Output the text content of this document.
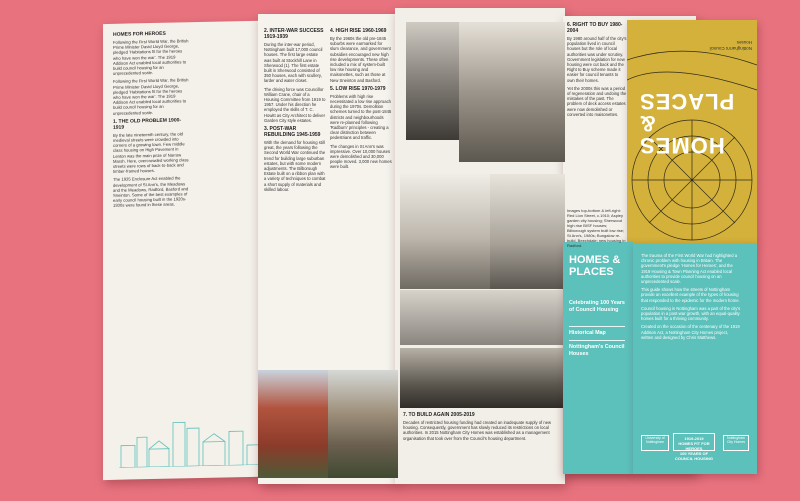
HOMES FOR HEROES

Following the First World War, the British Prime Minister David Lloyd George, pledged 'Habitations fit for the heroes who have won the war'. The 1919 Addison Act enabled local authorities to build council housing for an unprecedented scale.

Following the First World War, the British Prime Minister David Lloyd George, pledged 'Habitations fit for the heroes who have won the war'. The 1919 Addison Act enabled local authorities to build council housing for an unprecedented scale.

1. THE OLD PROBLEM 1900-1919

By the late nineteenth century, the old medieval streets were crowded into corners of a growing town. Few middle class housing on High Pavement in Lenton was the main prize of Narrow Marsh. Here, overcrowded working class streets were rows of back-to-back and timber-framed houses.

The 1935 Enclosure Act enabled the development of St Ann's, the Meadows and the Meadows, Radford, Basford and Sneinton. Some of the best examples of early council housing built in the 1920s-1930s were found in these areas.

2. INTER-WAR SUCCESS 1919-1939

During the inter-war period, Nottingham built 17,000 council houses. The first large estate was built at Stockhill Lane in Sherwood (1). The first estate built in Sherwood consisted of 350 houses, each with scullery, larder and water closet.

The driving force was Councillor William Crane, chair of a Housing Committee from 1919 to 1957. Under his direction he employed the skills of T. C. Howitt as City Architect to deliver Garden City style estates.

3. POST-WAR REBUILDING 1945-1959

With the demand for housing still great, the years following the Second World War continued the trend for building large suburban estates, but with some modern adjustments. The Bilborough Estate built on a ribbon plan with a variety of techniques to combat a short supply of materials and skilled labour.

4. HIGH RISE 1960-1969

By the 1960s the old pre-1845 suburbs were earmarked for slum clearance, and government subsidies encouraged new high rise developments. These often included a mix of system-built low rise housing and maisonettes, such as those at New Sneinton and Basford.

5. LOW RISE 1970-1979

Problems with high rise necessitated a low rise approach during the 1970s. Demolition schemes turned to the post-1845 districts and neighbourhoods were re-planned following 'Radburn' principles - creating a clear distinction between pedestrians and traffic.

The changes in St Ann's was impressive. Over 10,000 houses were demolished and 30,000 people moved. 3,000 new homes were built.

6. RIGHT TO BUY 1980-2004

By 1980 around half of the city's population lived in council houses but the role of local authorities was under scrutiny. Government legislation for new housing were cut back and the Right to Buy scheme made it easier for council tenants to own their homes.

Yet the 2000s this was a period of regeneration and undoing the mistakes of the past. The problem of deck access estates were now demolished or converted into maisonettes.

7. TO BUILD AGAIN 2005-2019

Decades of restricted housing funding had created an inadequate supply of new housing. Consequently, government has slowly reduced its restrictions on local authorities. In 2015 Nottingham City Homes was established as a management organisation that took over from the Council's housing department.

HOMES
& PLACES
Nottingham's Council Houses
HOMES & PLACES
Celebrating 100 Years of Council Housing
Historical Map
Nottingham's Council Houses

The trauma of the First World War had highlighted a chronic problem with housing in Britain. The government's pledge 'Homes for Heroes', and the 1919 Housing & Town Planning Act enabled local authorities to provide council housing on an unprecedented scale.

This guide shows how the streets of Nottingham provide an excellent example of the types of housing that responded to the epidemic for the modern home.

Council housing in Nottingham was a part of the city's population in a post-war growth, with an equal-quality homes built for a thriving community.

Created on the occasion of the centenary of the 1919 Addison Act, a Nottingham City Homes project, written and designed by Chris Matthews.

University of Nottingham
1919-2019
HOMES FIT FOR HEROES
100 YEARS OF COUNCIL HOUSING
Nottingham City Homes
Images top-bottom & left-right: Red Lion Street, c.1910; Aspley garden city housing; Sherwood high rise BISF houses; Bilborough system built low rise; St Ann's, 1980s; Bungalow re-build, Beechdale; new housing in Radford.
